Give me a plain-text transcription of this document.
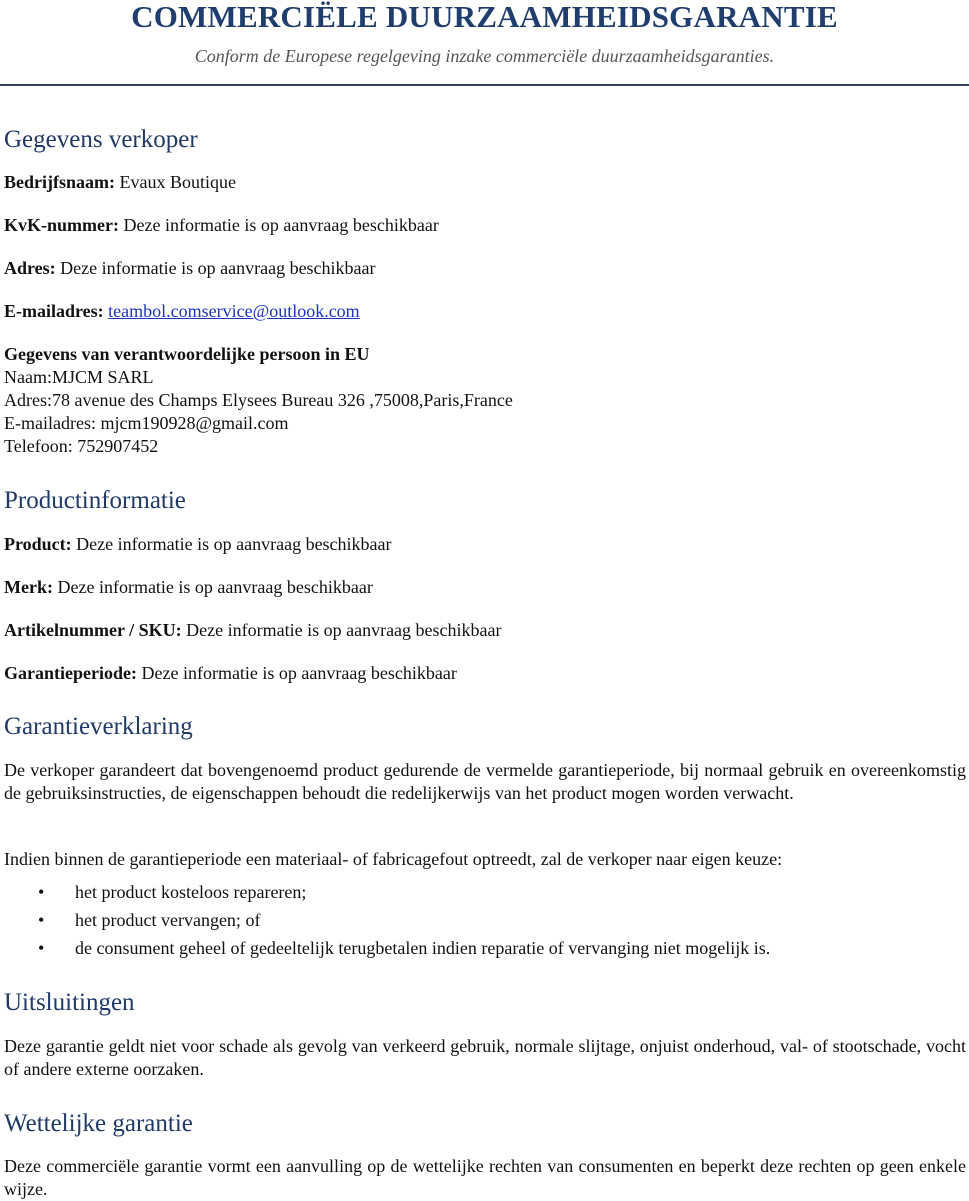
COMMERCIËLE DUURZAAMHEIDSGARANTIE

Conform de Europese regelgeving inzake commerciële duurzaamheidsgaranties.

Gegevens verkoper

Bedrijfsnaam: Evaux Boutique

KvK-nummer: Deze informatie is op aanvraag beschikbaar

Adres: Deze informatie is op aanvraag beschikbaar

E-mailadres: teambol.comservice@outlook.com

Gegevens van verantwoordelijke persoon in EU

Naam:MJCM SARL

Adres:78 avenue des Champs Elysees Bureau 326 ,75008,Paris,France

E-mailadres: mjcm190928@gmail.com

Telefoon: 752907452

Productinformatie

Product: Deze informatie is op aanvraag beschikbaar

Merk: Deze informatie is op aanvraag beschikbaar

Artikelnummer / SKU: Deze informatie is op aanvraag beschikbaar

Garantieperiode: Deze informatie is op aanvraag beschikbaar

Garantieverklaring

De verkoper garandeert dat bovengenoemd product gedurende de vermelde garantieperiode, bij normaal gebruik en overeenkomstig de gebruiksinstructies, de eigenschappen behoudt die redelijkerwijs van het product mogen worden verwacht.

Indien binnen de garantieperiode een materiaal- of fabricagefout optreedt, zal de verkoper naar eigen keuze:

• het product kosteloos repareren;
• het product vervangen; of
• de consument geheel of gedeeltelijk terugbetalen indien reparatie of vervanging niet mogelijk is.
Uitsluitingen

Deze garantie geldt niet voor schade als gevolg van verkeerd gebruik, normale slijtage, onjuist onderhoud, val- of stootschade, vocht of andere externe oorzaken.

Wettelijke garantie

Deze commerciële garantie vormt een aanvulling op de wettelijke rechten van consumenten en beperkt deze rechten op geen enkele wijze.
